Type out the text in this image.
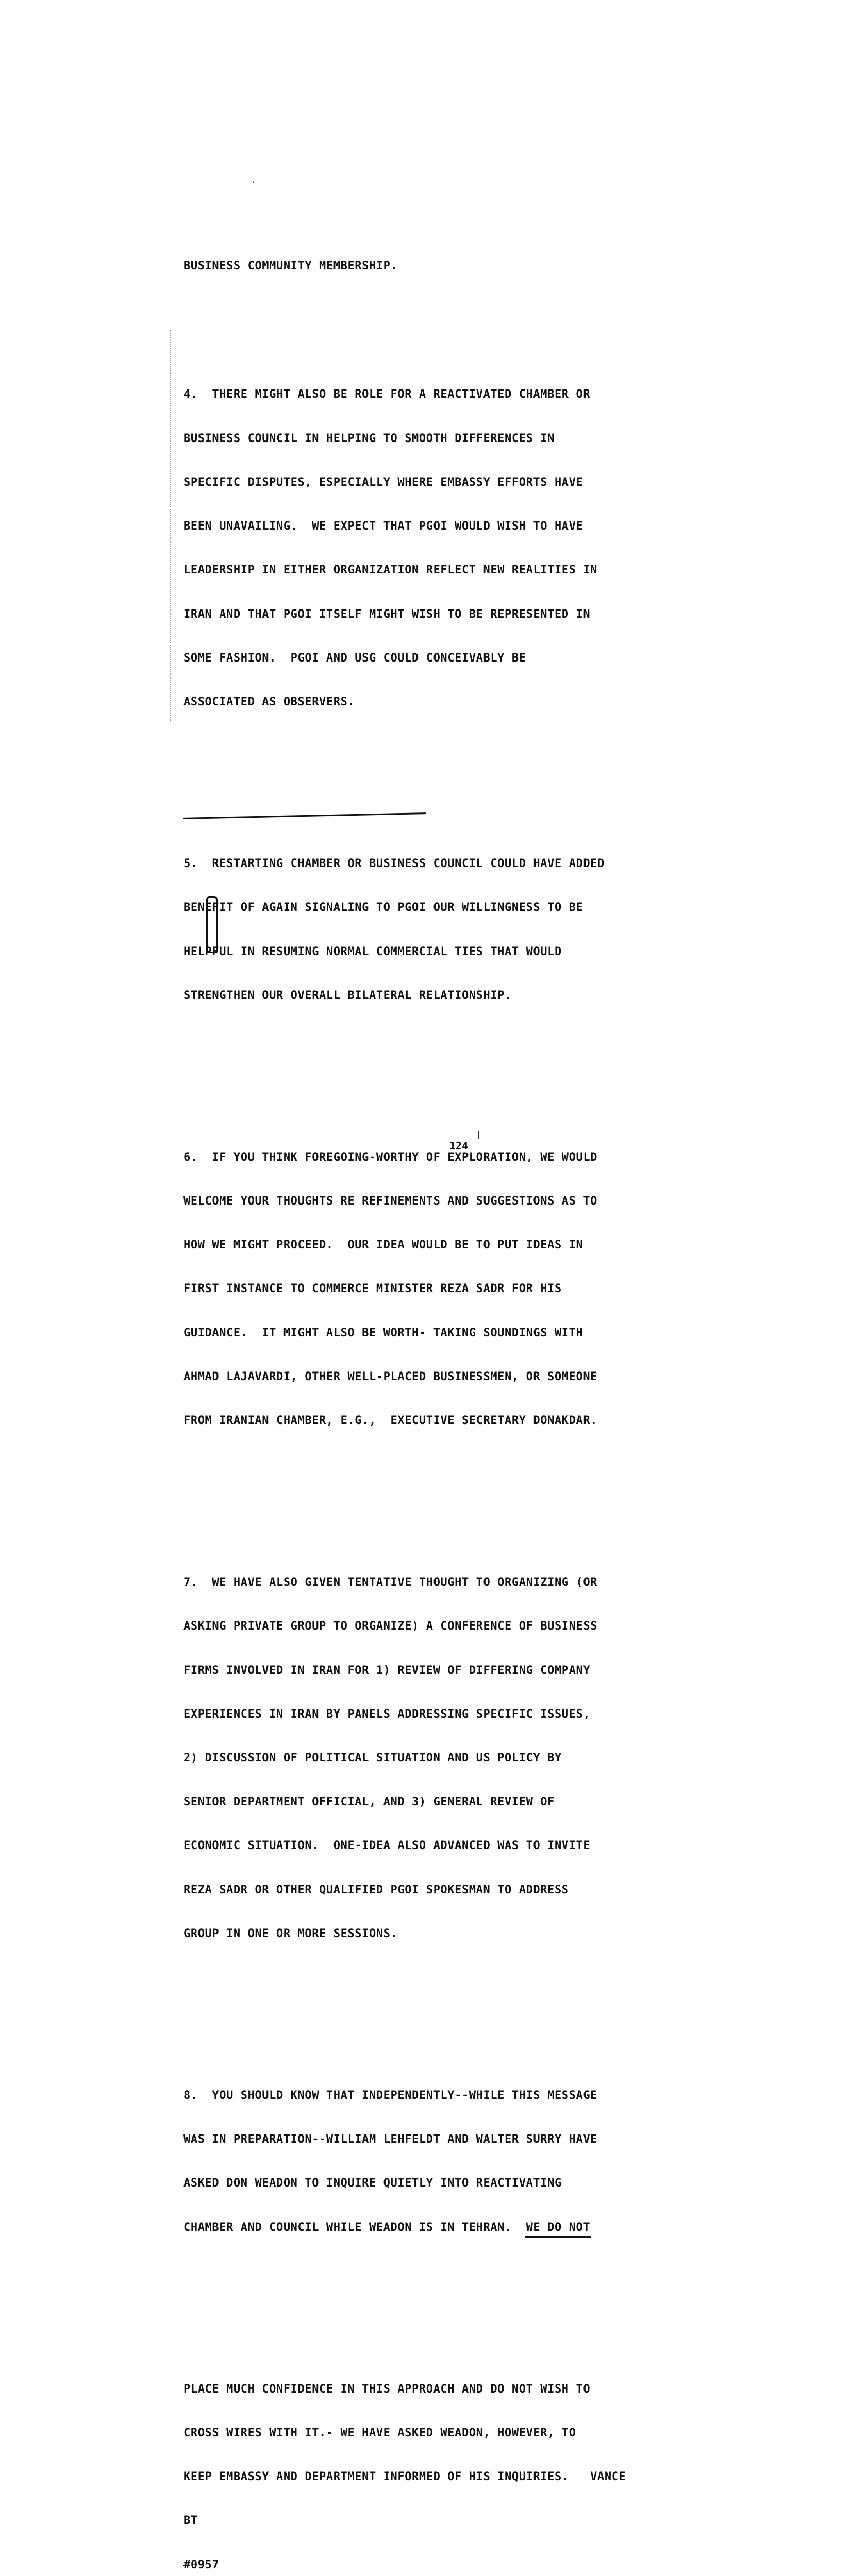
BUSINESS COMMUNITY MEMBERSHIP.

4.  THERE MIGHT ALSO BE ROLE FOR A REACTIVATED CHAMBER OR

BUSINESS COUNCIL IN HELPING TO SMOOTH DIFFERENCES IN

SPECIFIC DISPUTES, ESPECIALLY WHERE EMBASSY EFFORTS HAVE

BEEN UNAVAILING.  WE EXPECT THAT PGOI WOULD WISH TO HAVE

LEADERSHIP IN EITHER ORGANIZATION REFLECT NEW REALITIES IN

IRAN AND THAT PGOI ITSELF MIGHT WISH TO BE REPRESENTED IN

SOME FASHION.  PGOI AND USG COULD CONCEIVABLY BE

ASSOCIATED AS OBSERVERS.

5.  RESTARTING CHAMBER OR BUSINESS COUNCIL COULD HAVE ADDED

BENEFIT OF AGAIN SIGNALING TO PGOI OUR WILLINGNESS TO BE

HELPFUL IN RESUMING NORMAL COMMERCIAL TIES THAT WOULD

STRENGTHEN OUR OVERALL BILATERAL RELATIONSHIP.

6.  IF YOU THINK FOREGOING-WORTHY OF EXPLORATION, WE WOULD

WELCOME YOUR THOUGHTS RE REFINEMENTS AND SUGGESTIONS AS TO

HOW WE MIGHT PROCEED.  OUR IDEA WOULD BE TO PUT IDEAS IN

FIRST INSTANCE TO COMMERCE MINISTER REZA SADR FOR HIS

GUIDANCE.  IT MIGHT ALSO BE WORTH- TAKING SOUNDINGS WITH

AHMAD LAJAVARDI, OTHER WELL-PLACED BUSINESSMEN, OR SOMEONE

FROM IRANIAN CHAMBER, E.G.,  EXECUTIVE SECRETARY DONAKDAR.

7.  WE HAVE ALSO GIVEN TENTATIVE THOUGHT TO ORGANIZING (OR

ASKING PRIVATE GROUP TO ORGANIZE) A CONFERENCE OF BUSINESS

FIRMS INVOLVED IN IRAN FOR 1) REVIEW OF DIFFERING COMPANY

EXPERIENCES IN IRAN BY PANELS ADDRESSING SPECIFIC ISSUES,

2) DISCUSSION OF POLITICAL SITUATION AND US POLICY BY

SENIOR DEPARTMENT OFFICIAL, AND 3) GENERAL REVIEW OF

ECONOMIC SITUATION.  ONE-IDEA ALSO ADVANCED WAS TO INVITE

REZA SADR OR OTHER QUALIFIED PGOI SPOKESMAN TO ADDRESS

GROUP IN ONE OR MORE SESSIONS.

8.  YOU SHOULD KNOW THAT INDEPENDENTLY--WHILE THIS MESSAGE

WAS IN PREPARATION--WILLIAM LEHFELDT AND WALTER SURRY HAVE

ASKED DON WEADON TO INQUIRE QUIETLY INTO REACTIVATING

CHAMBER AND COUNCIL WHILE WEADON IS IN TEHRAN. WE DO NOT

PLACE MUCH CONFIDENCE IN THIS APPROACH AND DO NOT WISH TO

CROSS WIRES WITH IT.- WE HAVE ASKED WEADON, HOWEVER, TO

KEEP EMBASSY AND DEPARTMENT INFORMED OF HIS INQUIRIES.   VANCE

BT

#0957

124
